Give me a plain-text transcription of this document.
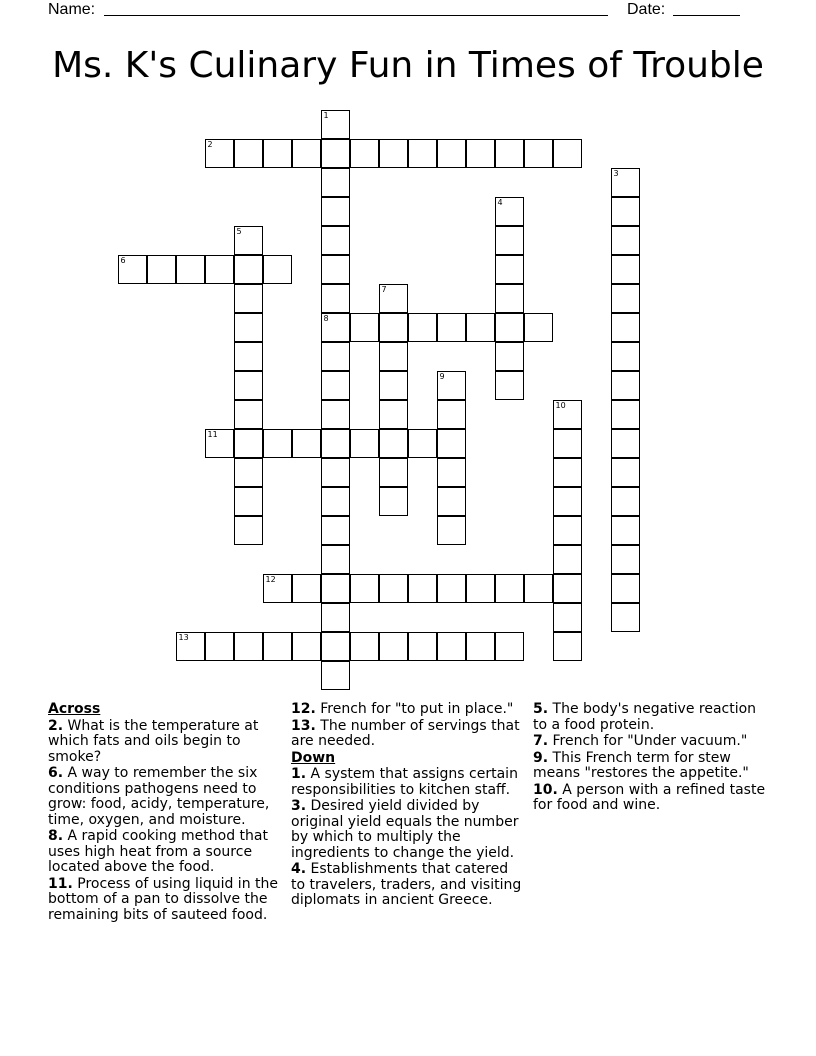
Name:	Date:
Ms. K's Culinary Fun in Times of Trouble
1
8
2
3
4
5
6
7
9
10
11
12
13
Across
2. What is the temperature at which fats and oils begin to smoke?
6. A way to remember the six conditions pathogens need to grow: food, acidy, temperature, time, oxygen, and moisture.
8. A rapid cooking method that uses high heat from a source located above the food.
11. Process of using liquid in the bottom of a pan to dissolve the remaining bits of sauteed food.
12. French for "to put in place."
13. The number of servings that are needed.
Down
1. A system that assigns certain responsibilities to kitchen staff.
3. Desired yield divided by original yield equals the number by which to multiply the ingredients to change the yield.
4. Establishments that catered to travelers, traders, and visiting diplomats in ancient Greece.
5. The body's negative reaction to a food protein.
7. French for "Under vacuum."
9. This French term for stew means "restores the appetite."
10. A person with a refined taste for food and wine.
